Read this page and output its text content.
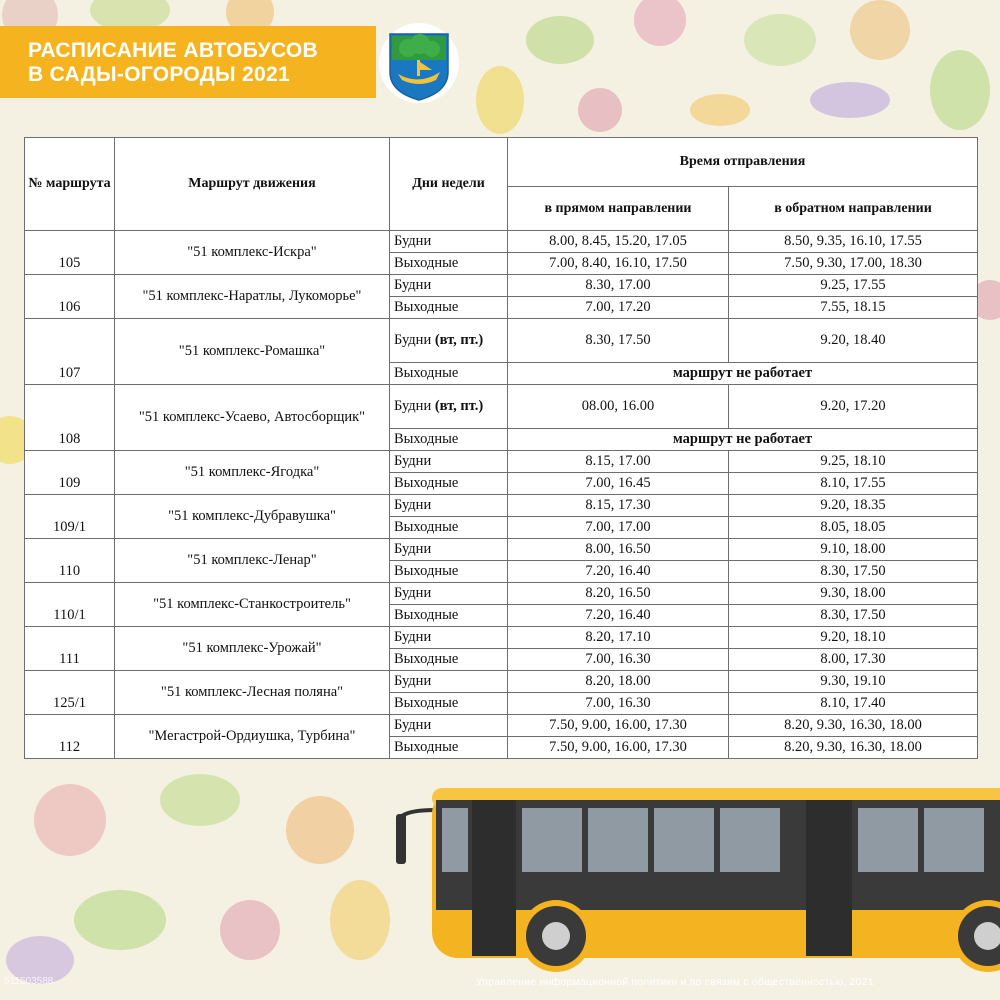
РАСПИСАНИЕ АВТОБУСОВ
В САДЫ-ОГОРОДЫ 2021
№ маршрута	Маршрут движения	Дни недели	Время отправления	
			в прямом направлении	в обратном направлении
105	"51 комплекс-Искра"	Будни	8.00, 8.45, 15.20, 17.05	8.50, 9.35, 16.10, 17.55
		Выходные	7.00, 8.40, 16.10, 17.50	7.50, 9.30, 17.00, 18.30
106	"51 комплекс-Наратлы, Лукоморье"	Будни	8.30, 17.00	9.25, 17.55
		Выходные	7.00, 17.20	7.55, 18.15
107	"51 комплекс-Ромашка"	Будни (вт, пт.)	8.30, 17.50	9.20, 18.40
		Выходные	маршрут не работает	
108	"51 комплекс-Усаево, Автосборщик"	Будни (вт, пт.)	08.00, 16.00	9.20, 17.20
		Выходные	маршрут не работает	
109	"51 комплекс-Ягодка"	Будни	8.15, 17.00	9.25, 18.10
		Выходные	7.00, 16.45	8.10, 17.55
109/1	"51 комплекс-Дубравушка"	Будни	8.15, 17.30	9.20, 18.35
		Выходные	7.00, 17.00	8.05, 18.05
110	"51 комплекс-Ленар"	Будни	8.00, 16.50	9.10, 18.00
		Выходные	7.20, 16.40	8.30, 17.50
110/1	"51 комплекс-Станкостроитель"	Будни	8.20, 16.50	9.30, 18.00
		Выходные	7.20, 16.40	8.30, 17.50
111	"51 комплекс-Урожай"	Будни	8.20, 17.10	9.20, 18.10
		Выходные	7.00, 16.30	8.00, 17.30
125/1	"51 комплекс-Лесная поляна"	Будни	8.20, 18.00	9.30, 19.10
		Выходные	7.00, 16.30	8.10, 17.40
112	"Мегастрой-Ордиушка, Турбина"	Будни	7.50, 9.00, 16.00, 17.30	8.20, 9.30, 16.30, 18.00
		Выходные	7.50, 9.00, 16.00, 17.30	8.20, 9.30, 16.30, 18.00
511503588	Управление информационной политики и по связям с общественностью, 2021
